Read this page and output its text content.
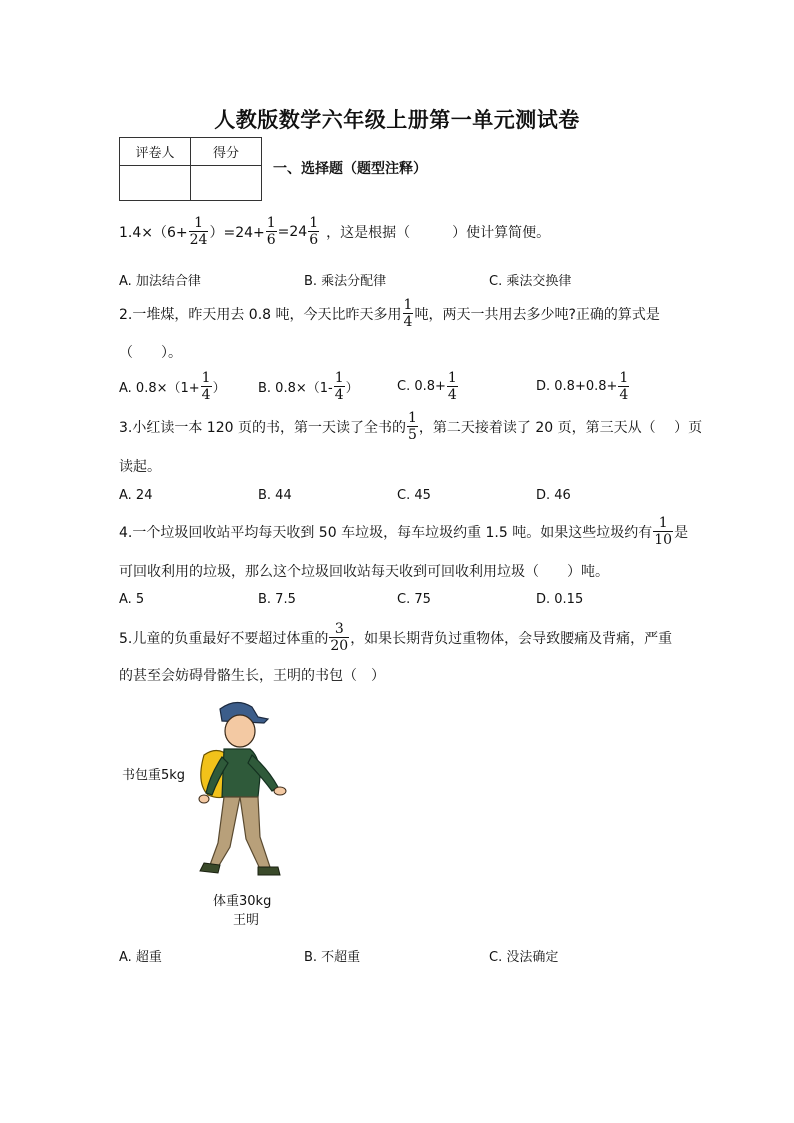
人教版数学六年级上册第一单元测试卷
评卷人	得分

一、选择题（题型注释）
$1.4\times(6+ \frac{1}{24} )=24+ \frac{1}{6} =24 \frac{1}{6}$ ，这是根据（　　　）使计算简便。
A. 加法结合律	B. 乘法分配律	C. 乘法交换律
2.一堆煤，昨天用去 0.8 吨，今天比昨天多用 $\frac{1}{4}$ 吨，两天一共用去多少吨?正确的算式是
（　　）。
A. $0.8\times(1+ \frac{1}{4}$ ） B. $0.8\times(1- \frac{1}{4}$ ）	C. $0.8+ \frac{1}{4}$	D. $0.8+0.8+ \frac{1}{4}$
3.小红读一本 120 页的书，第一天读了全书的 $\frac{1}{5}$ ，第二天接着读了 20 页，第三天从（　 ）页
读起。
A. 24	B. 44	C. 45	D. 46
4.一个垃圾回收站平均每天收到 50 车垃圾，每车垃圾约重 1.5 吨。如果这些垃圾约有 $\frac{1}{10}$ 是
可回收利用的垃圾，那么这个垃圾回收站每天收到可回收利用垃圾（　　）吨。
A. 5	B. 7.5	C. 75	D. 0.15
5.儿童的负重最好不要超过体重的 $\frac{3}{20}$ ，如果长期背负过重物体，会导致腰痛及背痛，严重
的甚至会妨碍骨骼生长，王明的书包（　）
书包重5kg
体重30kg
王明
A. 超重	B. 不超重	C. 没法确定
